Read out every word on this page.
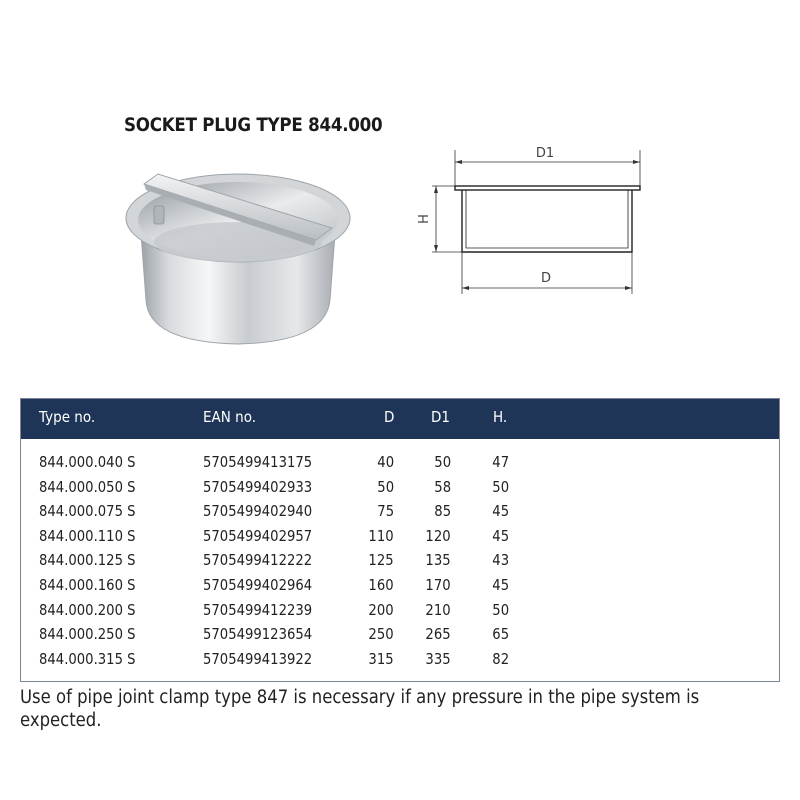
SOCKET PLUG TYPE 844.000
D1
H
D
Type no.	EAN no.	D D1	H.
844.000.040 S	5705499413175	40	50	47
844.000.050 S	5705499402933	50	58	50
844.000.075 S	5705499402940	75	85	45
844.000.110 S	5705499402957	110 120	45
844.000.125 S	5705499412222	125 135	43
844.000.160 S	5705499402964	160 170	45
844.000.200 S	5705499412239	200 210	50
844.000.250 S	5705499123654	250 265	65
844.000.315 S	5705499413922	315 335	82
Use of pipe joint clamp type 847 is necessary if any pressure in the pipe system is expected.
